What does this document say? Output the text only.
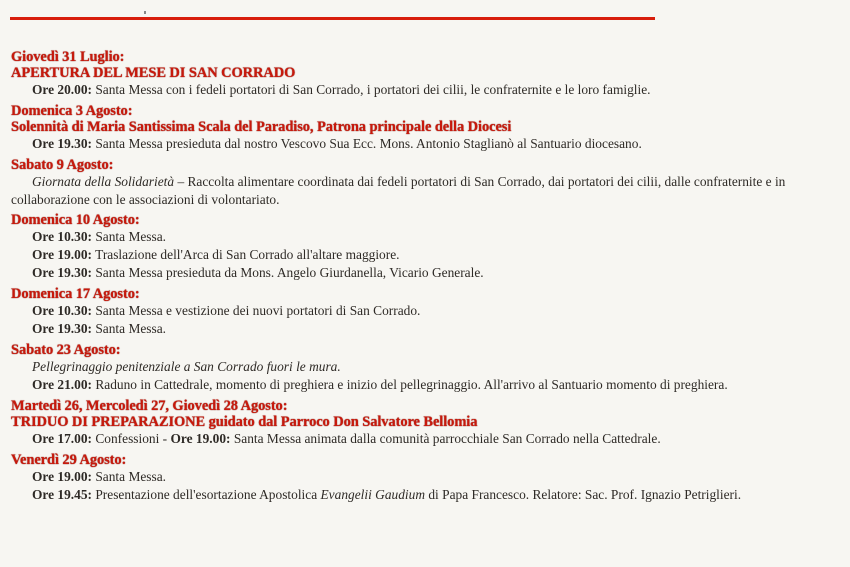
Giovedì 31 Luglio:
APERTURA DEL MESE DI SAN CORRADO
Ore 20.00: Santa Messa con i fedeli portatori di San Corrado, i portatori dei cilii, le confraternite e le loro famiglie.
Domenica 3 Agosto:
Solennità di Maria Santissima Scala del Paradiso, Patrona principale della Diocesi
Ore 19.30: Santa Messa presieduta dal nostro Vescovo Sua Ecc. Mons. Antonio Staglianò al Santuario diocesano.
Sabato 9 Agosto:
Giornata della Solidarietà – Raccolta alimentare coordinata dai fedeli portatori di San Corrado, dai portatori dei cilii, dalle confraternite e in collaborazione con le associazioni di volontariato.
Domenica 10 Agosto:
Ore 10.30: Santa Messa.
Ore 19.00: Traslazione dell'Arca di San Corrado all'altare maggiore.
Ore 19.30: Santa Messa presieduta da Mons. Angelo Giurdanella, Vicario Generale.
Domenica 17 Agosto:
Ore 10.30: Santa Messa e vestizione dei nuovi portatori di San Corrado.
Ore 19.30: Santa Messa.
Sabato 23 Agosto:
Pellegrinaggio penitenziale a San Corrado fuori le mura.
Ore 21.00: Raduno in Cattedrale, momento di preghiera e inizio del pellegrinaggio. All'arrivo al Santuario momento di preghiera.
Martedì 26, Mercoledì 27, Giovedì 28 Agosto:
TRIDUO DI PREPARAZIONE guidato dal Parroco Don Salvatore Bellomia
Ore 17.00: Confessioni - Ore 19.00: Santa Messa animata dalla comunità parrocchiale San Corrado nella Cattedrale.
Venerdì 29 Agosto:
Ore 19.00: Santa Messa.
Ore 19.45: Presentazione dell'esortazione Apostolica Evangelii Gaudium di Papa Francesco. Relatore: Sac. Prof. Ignazio Petriglieri.
